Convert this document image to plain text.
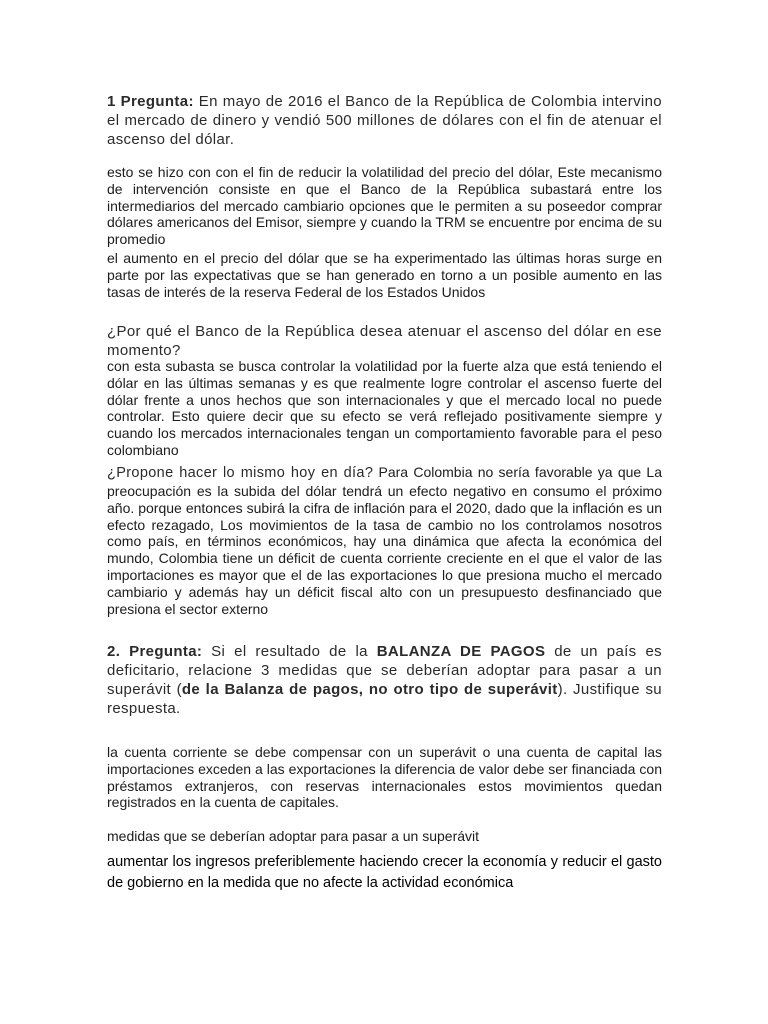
1 Pregunta: En mayo de 2016 el Banco de la República de Colombia intervino el mercado de dinero y vendió 500 millones de dólares con el fin de atenuar el ascenso del dólar.

esto se hizo con con el fin de reducir la volatilidad del precio del dólar, Este mecanismo de intervención consiste en que el Banco de la República subastará entre los intermediarios del mercado cambiario opciones que le permiten a su poseedor comprar dólares americanos del Emisor, siempre y cuando la TRM se encuentre por encima de su promedio

el aumento en el precio del dólar que se ha experimentado las últimas horas surge en parte por las expectativas que se han generado en torno a un posible aumento en las tasas de interés de la reserva Federal de los Estados Unidos

¿Por qué el Banco de la República desea atenuar el ascenso del dólar en ese momento?

con esta subasta se busca controlar la volatilidad por la fuerte alza que está teniendo el dólar en las últimas semanas y es que realmente logre controlar el ascenso fuerte del dólar frente a unos hechos que son internacionales y que el mercado local no puede controlar. Esto quiere decir que su efecto se verá reflejado positivamente siempre y cuando los mercados internacionales tengan un comportamiento favorable para el peso colombiano

¿Propone hacer lo mismo hoy en día? Para Colombia no sería favorable ya que La preocupación es la subida del dólar tendrá un efecto negativo en consumo el próximo año. porque entonces subirá la cifra de inflación para el 2020, dado que la inflación es un efecto rezagado, Los movimientos de la tasa de cambio no los controlamos nosotros como país, en términos económicos, hay una dinámica que afecta la económica del mundo, Colombia tiene un déficit de cuenta corriente creciente en el que el valor de las importaciones es mayor que el de las exportaciones lo que presiona mucho el mercado cambiario y además hay un déficit fiscal alto con un presupuesto desfinanciado que presiona el sector externo

2. Pregunta: Si el resultado de la BALANZA DE PAGOS de un país es deficitario, relacione 3 medidas que se deberían adoptar para pasar a un superávit (de la Balanza de pagos, no otro tipo de superávit). Justifique su respuesta.

la cuenta corriente se debe compensar con un superávit o una cuenta de capital las importaciones exceden a las exportaciones la diferencia de valor debe ser financiada con préstamos extranjeros, con reservas internacionales estos movimientos quedan registrados en la cuenta de capitales.

medidas que se deberían adoptar para pasar a un superávit

aumentar los ingresos preferiblemente haciendo crecer la economía y reducir el gasto de gobierno en la medida que no afecte la actividad económica
